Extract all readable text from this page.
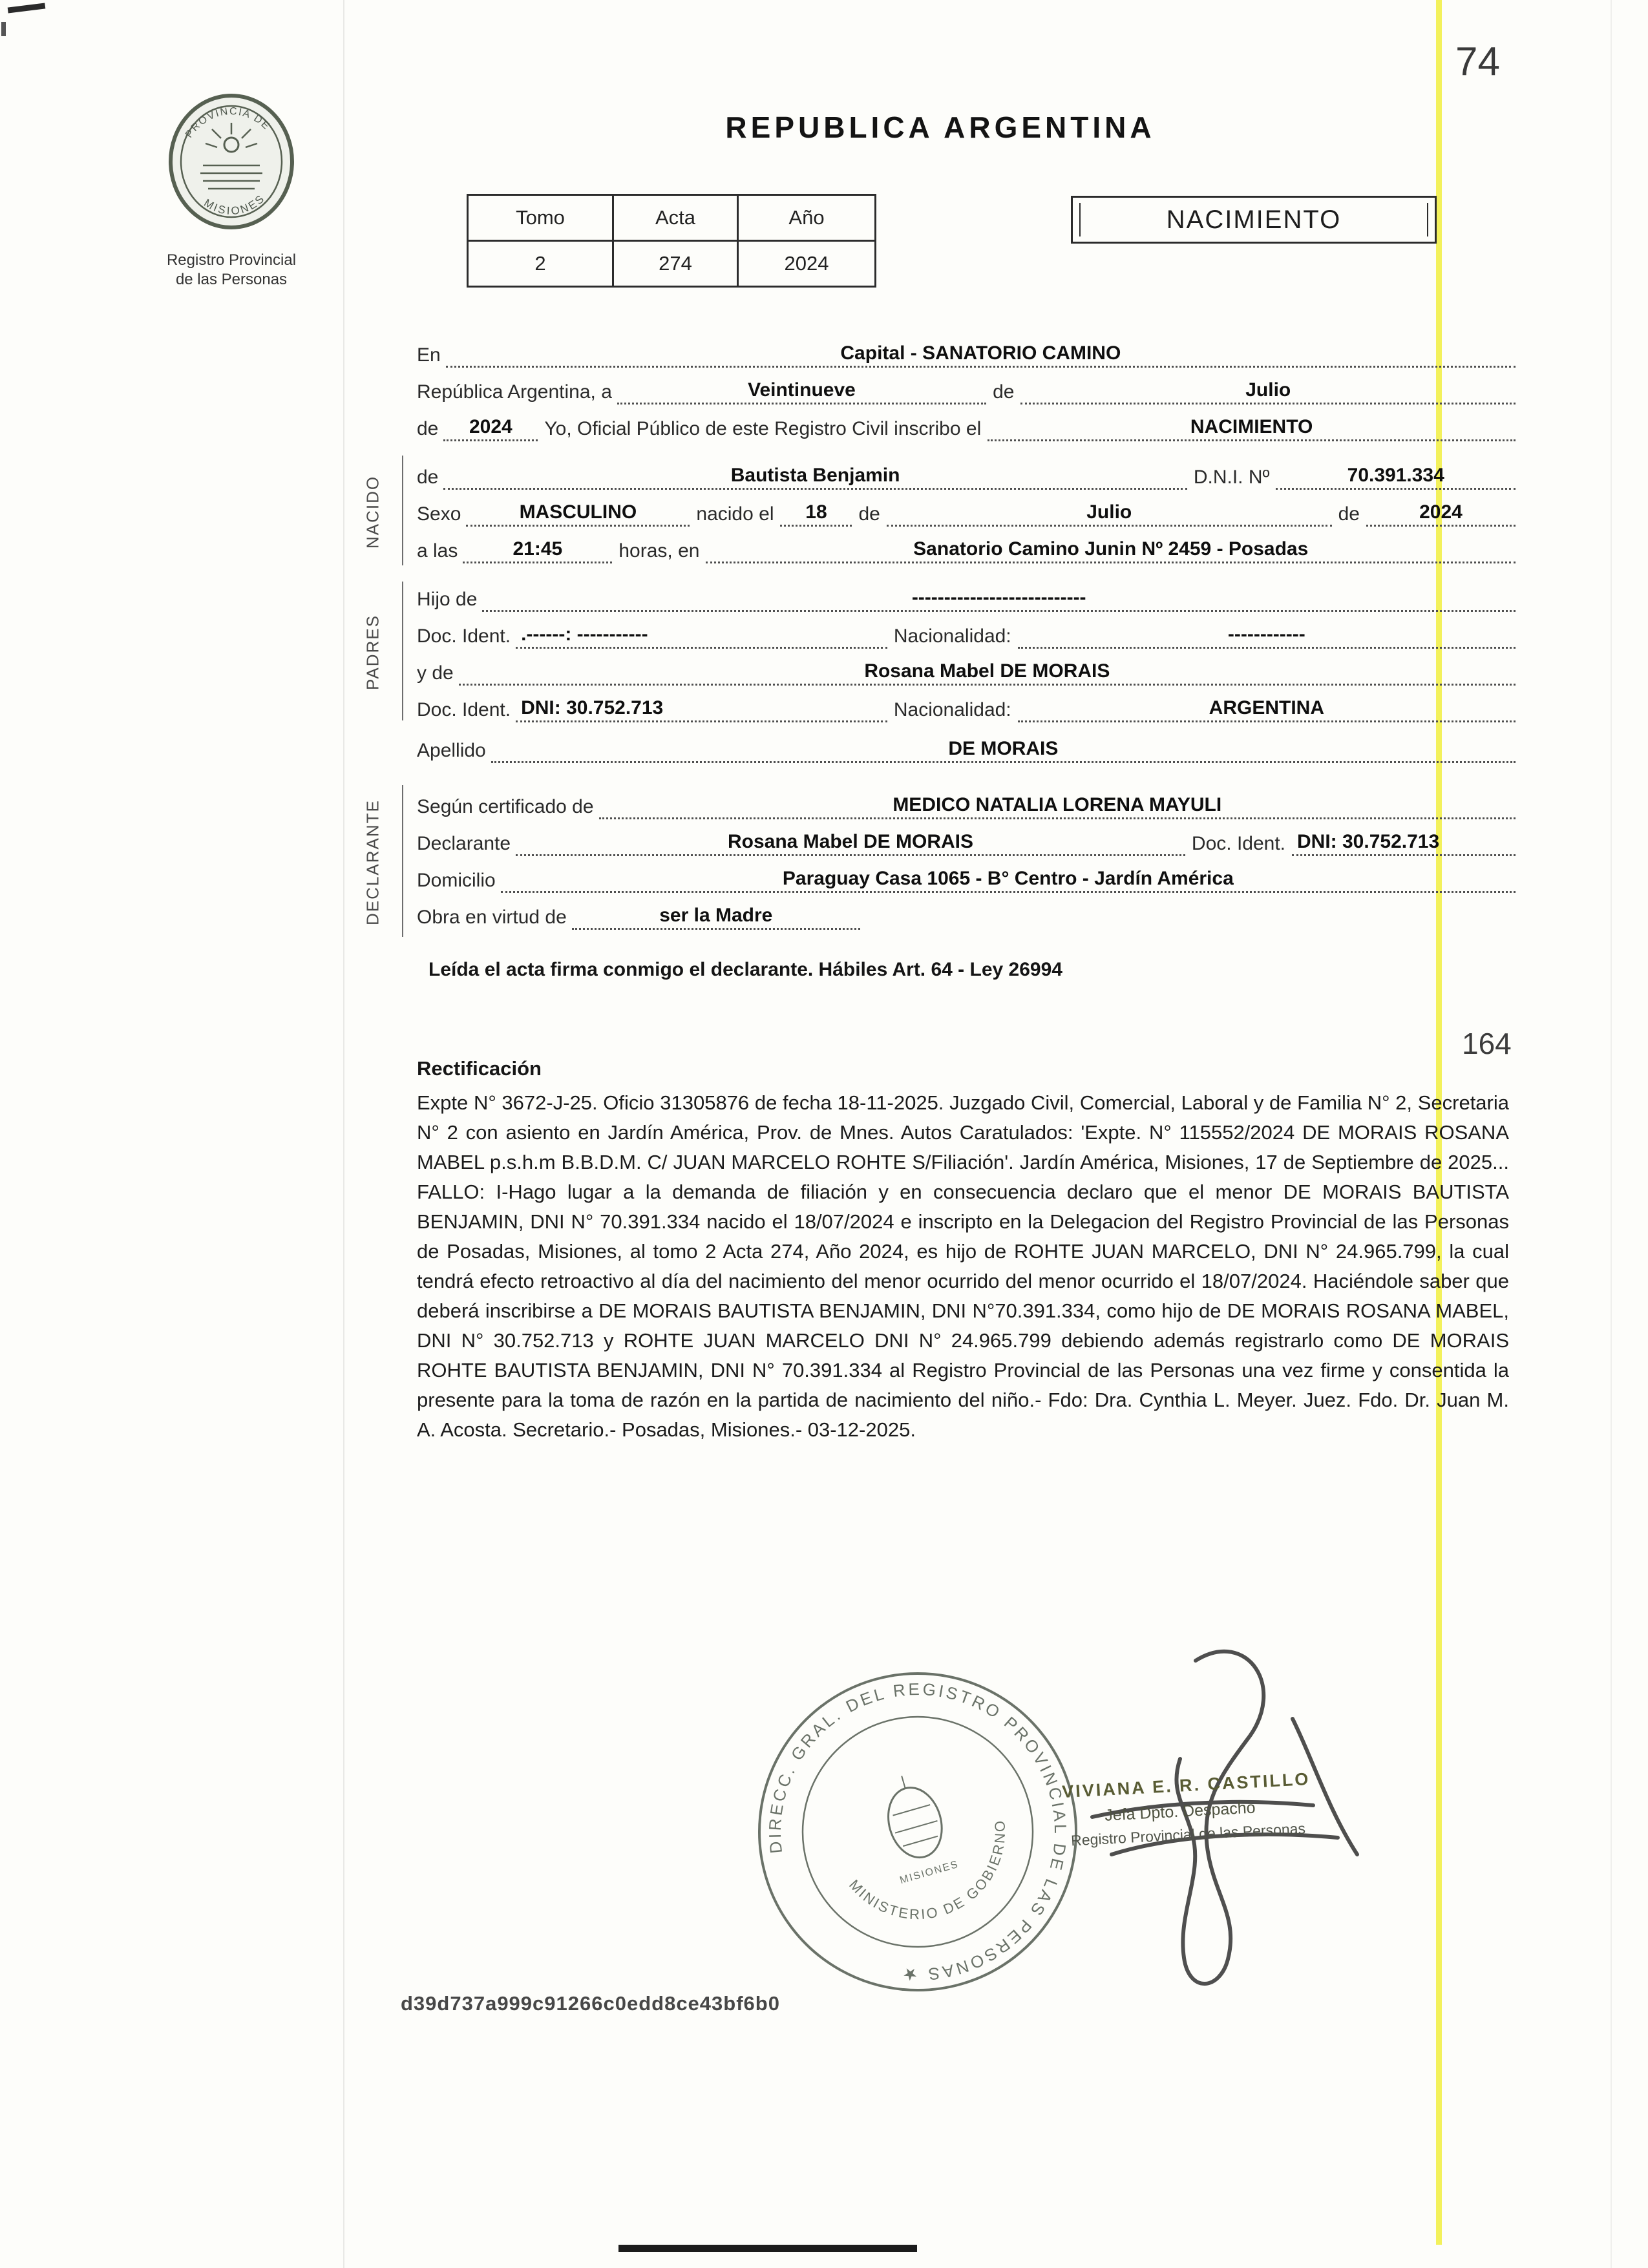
74
164
PROVINCIA DE
MISIONES
Registro Provincial
de las Personas
REPUBLICA ARGENTINA
Tomo	Acta	Año
2	274	2024
NACIMIENTO
NACIDO
PADRES
DECLARANTE
En	Capital - SANATORIO CAMINO
República Argentina, a	Veintinueve	de	Julio
de	2024	Yo, Oficial Público de este Registro Civil inscribo el	NACIMIENTO
de	Bautista Benjamin	D.N.I. Nº	70.391.334
Sexo	MASCULINO	nacido el	18	de	Julio	de	2024
a las	21:45	horas, en	Sanatorio Camino Junin Nº 2459 - Posadas
Hijo de	---------------------------
Doc. Ident. .------: -----------	Nacionalidad:	------------
y de	Rosana Mabel DE MORAIS
Doc. Ident. DNI: 30.752.713	Nacionalidad:	ARGENTINA
Apellido	DE MORAIS
Según certificado de	MEDICO NATALIA LORENA MAYULI
Declarante	Rosana Mabel DE MORAIS	Doc. Ident. DNI: 30.752.713
Domicilio	Paraguay Casa 1065 - B° Centro - Jardín América
Obra en virtud de	ser la Madre
Leída el acta firma conmigo el declarante. Hábiles Art. 64 - Ley 26994
Rectificación
Expte N° 3672-J-25. Oficio 31305876 de fecha 18-11-2025. Juzgado Civil, Comercial, Laboral y de Familia N° 2, Secretaria N° 2 con asiento en Jardín América, Prov. de Mnes. Autos Caratulados: 'Expte. N° 115552/2024 DE MORAIS ROSANA MABEL p.s.h.m B.B.D.M. C/ JUAN MARCELO ROHTE S/Filiación'. Jardín América, Misiones, 17 de Septiembre de 2025... FALLO: I-Hago lugar a la demanda de filiación y en consecuencia declaro que el menor DE MORAIS BAUTISTA BENJAMIN, DNI N° 70.391.334 nacido el 18/07/2024 e inscripto en la Delegacion del Registro Provincial de las Personas de Posadas, Misiones, al tomo 2 Acta 274, Año 2024, es hijo de ROHTE JUAN MARCELO, DNI N° 24.965.799, la cual tendrá efecto retroactivo al día del nacimiento del menor ocurrido del menor ocurrido el 18/07/2024. Haciéndole saber que deberá inscribirse a DE MORAIS BAUTISTA BENJAMIN, DNI N°70.391.334, como hijo de DE MORAIS ROSANA MABEL, DNI N° 30.752.713 y ROHTE JUAN MARCELO DNI N° 24.965.799 debiendo además registrarlo como DE MORAIS ROHTE BAUTISTA BENJAMIN, DNI N° 70.391.334 al Registro Provincial de las Personas una vez firme y consentida la presente para la toma de razón en la partida de nacimiento del niño.- Fdo: Dra. Cynthia L. Meyer. Juez. Fdo. Dr. Juan M. A. Acosta. Secretario.- Posadas, Misiones.- 03-12-2025.
DIRECC. GRAL. DEL REGISTRO PROVINCIAL DE LAS PERSONAS ★
MINISTERIO DE GOBIERNO
MISIONES
VIVIANA E. R. CASTILLO
Jefa Dpto. Despacho
Registro Provincial de las Personas
d39d737a999c91266c0edd8ce43bf6b0
